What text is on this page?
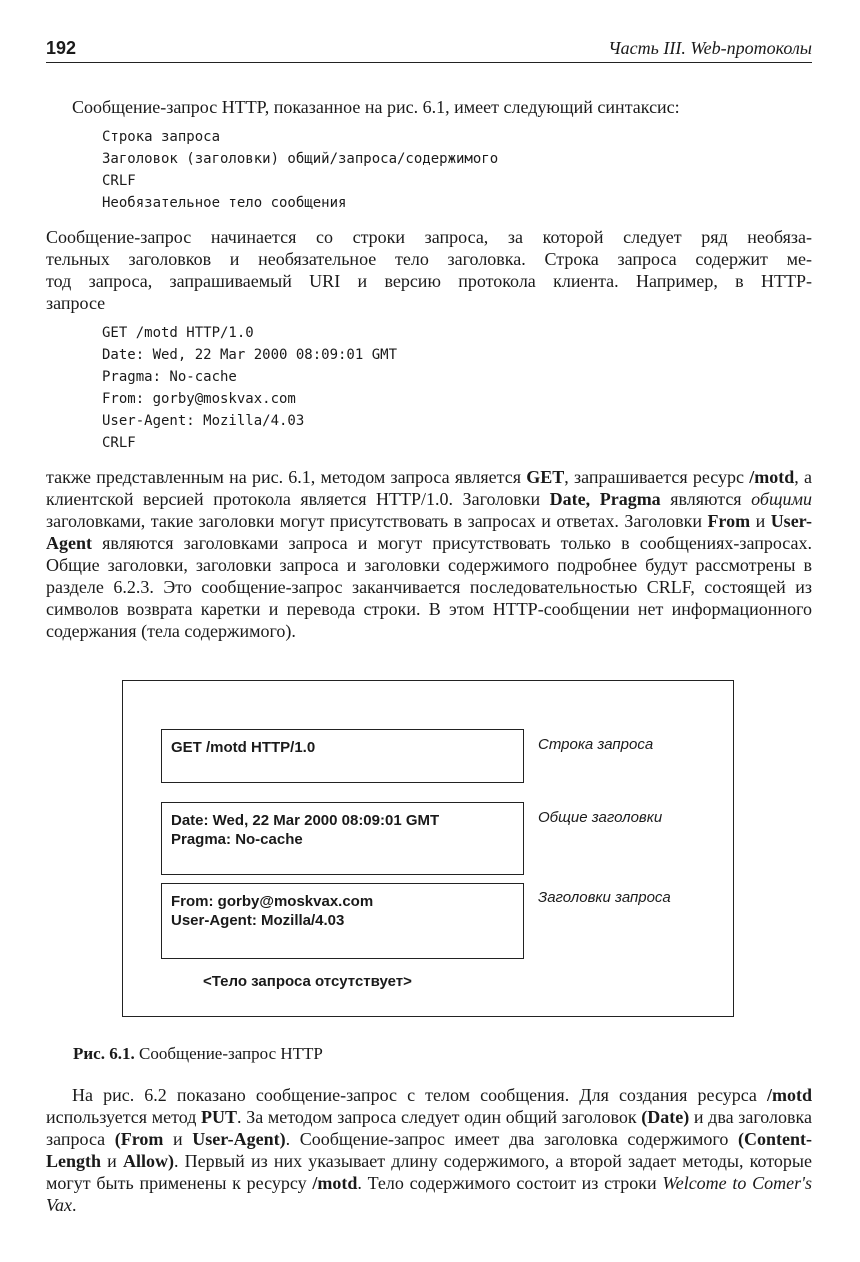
192	Часть III. Web-протоколы

Сообщение-запрос HTTP, показанное на рис. 6.1, имеет следующий синтаксис:

Строка запроса
Заголовок (заголовки) общий/запроса/содержимого
CRLF
Необязательное тело сообщения
Сообщение-запрос начинается со строки запроса, за которой следует ряд необяза-
тельных заголовков и необязательное тело заголовка. Строка запроса содержит ме-
тод запроса, запрашиваемый URI и версию протокола клиента. Например, в HTTP-
запросе
GET /motd HTTP/1.0
Date: Wed, 22 Mar 2000 08:09:01 GMT
Pragma: No-cache
From: gorby@moskvax.com
User-Agent: Mozilla/4.03
CRLF

также представленным на рис. 6.1, методом запроса является GET, запрашивается ресурс /motd, а клиентской версией протокола является HTTP/1.0. Заголовки Date, Pragma являются общими заголовками, такие заголовки могут присутствовать в запросах и ответах. Заголовки From и User-Agent являются заголовками запроса и могут присутствовать только в сообщениях-запросах. Общие заголовки, заголовки запроса и заголовки содержимого подробнее будут рассмотрены в разделе 6.2.3. Это сообщение-запрос заканчивается последовательностью CRLF, состоящей из символов возврата каретки и перевода строки. В этом HTTP-сообщении нет информационного содержания (тела содержимого).

GET /motd HTTP/1.0	Строка запроса
Date: Wed, 22 Mar 2000 08:09:01 GMT
Pragma: No-cache
Общие заголовки
From: gorby@moskvax.com
User-Agent: Mozilla/4.03
Заголовки запроса
<Тело запроса отсутствует>
Рис. 6.1. Сообщение-запрос HTTP

На рис. 6.2 показано сообщение-запрос с телом сообщения. Для создания ресурса /motd используется метод PUT. За методом запроса следует один общий заголовок (Date) и два заголовка запроса (From и User-Agent). Сообщение-запрос имеет два заголовка содержимого (Content-Length и Allow). Первый из них указывает длину содержимого, а второй задает методы, которые могут быть применены к ресурсу /motd. Тело содержимого состоит из строки Welcome to Comer's Vax.
